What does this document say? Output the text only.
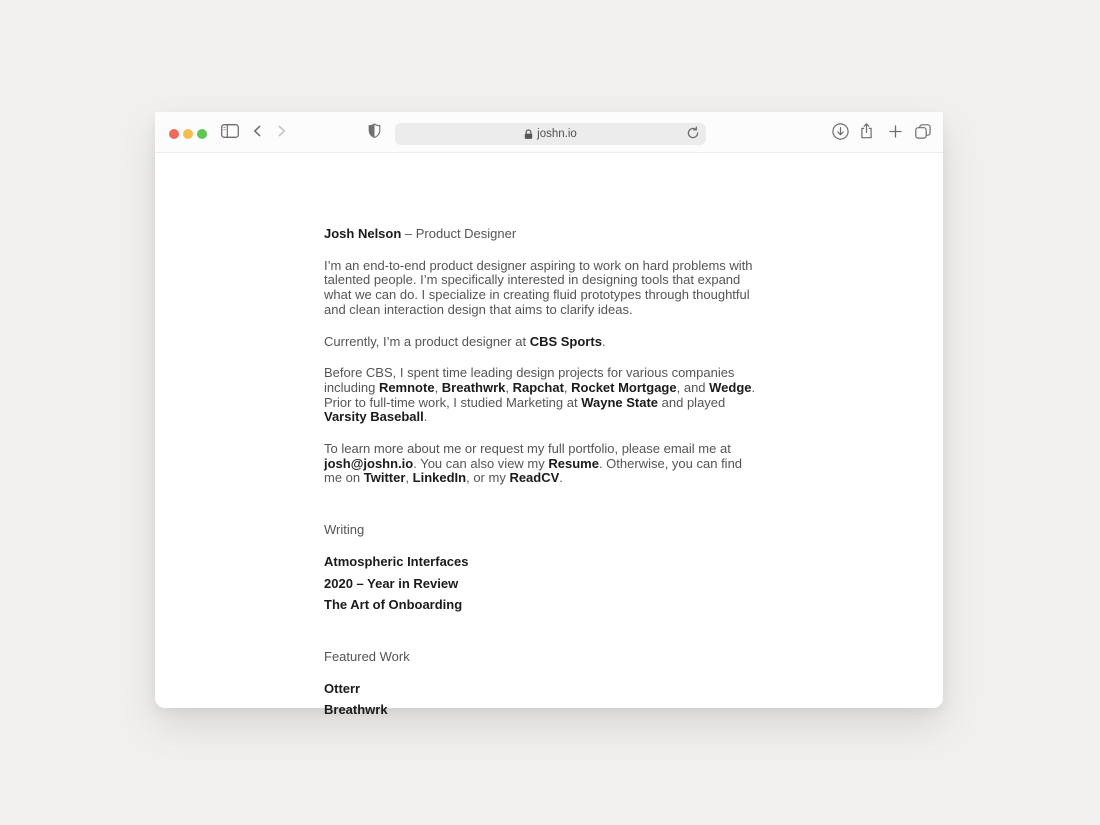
joshn.io
Josh Nelson – Product Designer

I’m an end-to-end product designer aspiring to work on hard problems with talented people. I’m specifically interested in designing tools that expand what we can do. I specialize in creating fluid prototypes through thoughtful and clean interaction design that aims to clarify ideas.

Currently, I’m a product designer at CBS Sports.

Before CBS, I spent time leading design projects for various companies including Remnote, Breathwrk, Rapchat, Rocket Mortgage, and Wedge. Prior to full-time work, I studied Marketing at Wayne State and played Varsity Baseball.

To learn more about me or request my full portfolio, please email me at josh@joshn.io. You can also view my Resume. Otherwise, you can find me on Twitter, LinkedIn, or my ReadCV.

Writing
Atmospheric Interfaces
2020 – Year in Review
The Art of Onboarding
Featured Work
Otterr
Breathwrk
